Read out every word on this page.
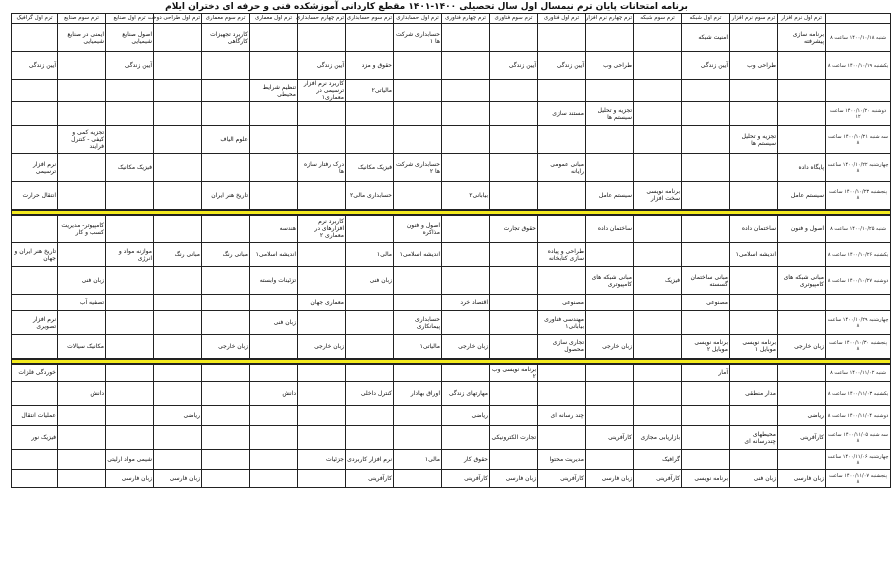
برنامه امتحانات پایان ترم نیمسال اول سال تحصیلی ۱۴۰۰-۱۴۰۱ مقطع کاردانی آموزشکده فنی و حرفه ای دختران ایلام
	ترم اول نرم افزار	ترم سوم نرم افزار	ترم اول شبکه	ترم سوم شبکه	ترم چهارم نرم افزار	ترم اول فناوری	ترم سوم فناوری	ترم چهارم فناوری	ترم اول حسابداری	ترم سوم حسابداری	ترم چهارم حسابداری	ترم اول معماری	ترم سوم معماری	ترم اول طراحی دوخت	ترم اول صنایع	ترم سوم صنایع	ترم اول گرافیک
شنبه ۱۴۰۰/۱۰/۱۸ ساعت ۸	برنامه سازی پیشرفته		امنیت شبکه						حسابداری شرکت ها ۱				کاربرد تجهیزات کارگاهی		اصول صنایع شیمیایی	ایمنی در صنایع شیمیایی	
یکشنبه ۱۴۰۰/۱۰/۱۹ ساعت ۸		طراحی وب	آیین زندگی		طراحی وب	آیین زندگی	آیین زندگی			حقوق و مزد	آیین زندگی				آیین زندگی		آیین زندگی
										مالیاتی۲	کاربرد نرم افزار ترسیمی در معماری۱	تنظیم شرایط محیطی					
دوشنبه ۱۴۰۰/۱۰/۲۰ ساعت ۱۲					تجزیه و تحلیل سیستم ها	مستند سازی											
سه شنبه ۱۴۰۰/۱۰/۲۱ ساعت ۸		تجزیه و تحلیل سیستم ها											علوم الیاف			تجزیه کمی و کیفی - کنترل فرایند	
چهارشنبه ۱۴۰۰/۱۰/۲۲ ساعت ۸	پایگاه داده					مبانی عمومی رایانه			حسابداری شرکت ها ۲	فیزیک مکانیک	درک رفتار سازه ها				فیزیک مکانیک		نرم افزار ترسیمی
پنجشنبه ۱۴۰۰/۱۰/۲۳ ساعت ۸	سیستم عامل			برنامه نویسی سخت افزار	سیستم عامل			بیابانی۲		حسابداری مالی۲			تاریخ هنر ایران				انتقال حرارت

شنبه ۱۴۰۰/۱۰/۲۵ ساعت ۸	اصول و فنون	ساختمان داده			ساختمان داده		حقوق تجارت		اصول و فنون مذاکره		کاربرد نرم افزارهای در معماری ۲	هندسه				کامپیوتر- مدیریت کسب و کار	
یکشنبه ۱۴۰۰/۱۰/۲۶ ساعت ۸		اندیشه اسلامی۱				طراحی و پیاده سازی کتابخانه			اندیشه اسلامی۱	مالی۱		اندیشه اسلامی۱	مبانی رنگ	مبانی رنگ	موازنه مواد و انرژی		تاریخ هنر ایران و جهان
دوشنبه ۱۴۰۰/۱۰/۲۷ ساعت ۸	مبانی شبکه های کامپیوتری		مبانی ساختمان گسسته	فیزیک	مبانی شبکه های کامپیوتری					زبان فنی		تزئینات وابسته				زبان فنی	
			مصنوعی			مصنوعی		اقتصاد خرد			معماری جهان					تصفیه آب	
چهارشنبه ۱۴۰۰/۱۰/۲۹ ساعت ۸						مهندسی فناوری بیابانی۱			حسابداری پیمانکاری			زبان فنی					نرم افزار تصویری
پنجشنبه ۱۴۰۰/۱۰/۳۰ ساعت ۸	زبان خارجی	برنامه نویسی موبایل ۱	برنامه نویسی موبایل ۲		زبان خارجی	تجاری سازی محصول		زبان خارجی	مالیاتی۱		زبان خارجی		زبان خارجی			مکانیک سیالات	

شنبه ۱۴۰۰/۱۱/۰۲ ساعت ۸			آمار				برنامه نویسی وب ۲										خوردگی فلزات
یکشنبه ۱۴۰۰/۱۱/۰۳ ساعت ۸		مدار منطقی						مهارتهای زندگی	اوراق بهادار	کنترل داخلی		دانش				دانش	
دوشنبه ۱۴۰۰/۱۱/۰۴ ساعت ۸	ریاضی					چند رسانه ای		ریاضی						ریاضی			عملیات انتقال
سه شنبه ۱۴۰۰/۱۱/۰۵ ساعت ۸	کارآفرینی	محیطهای چندرسانه ای		بازاریابی مجازی	کارآفرینی		تجارت الکترونیکی										فیزیک نور
چهارشنبه ۱۴۰۰/۱۱/۰۶ ساعت ۸				گرافیک		مدیریت محتوا		حقوق کار	مالی۱	نرم افزار کاربردی	جزئیات				شیمی مواد ارلیتی		
پنجشنبه ۱۴۰۰/۱۱/۰۷ ساعت ۸	زبان فارسی	زبان فنی	برنامه نویسی	کارآفرینی	زبان فارسی	کارآفرینی	زبان فارسی	کارآفرینی		کارآفرینی				زبان فارسی	زبان فارسی		
